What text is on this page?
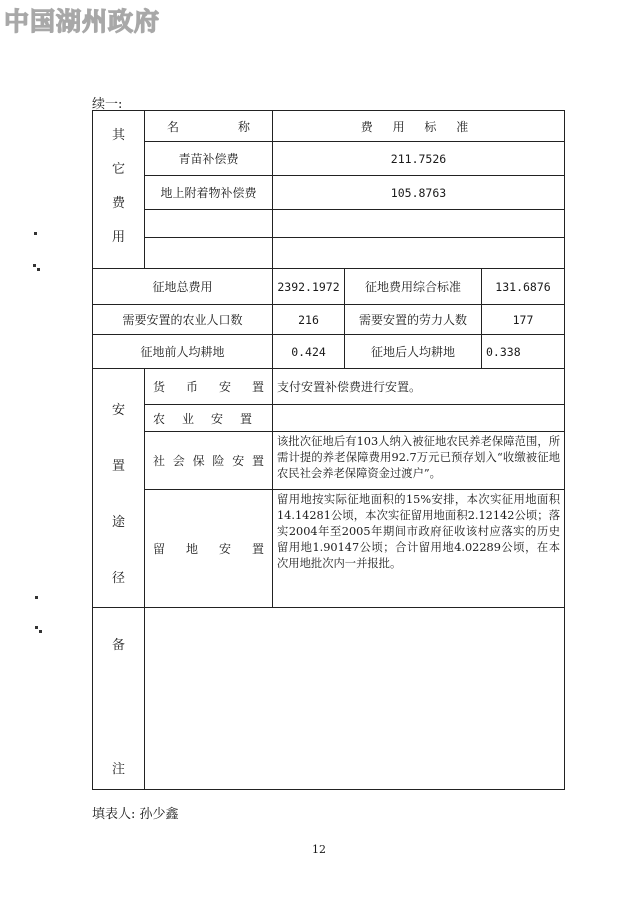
中国湖州政府
续一:
其
它
费
用	名 称	费 用 标 准		
	青苗补偿费	211.7526		
	地上附着物补偿费	105.8763		

征地总费用		2392.1972	征地费用综合标准	131.6876
需要安置的农业人口数		216	需要安置的劳力人数	177
征地前人均耕地		0.424	征地后人均耕地	0.338

安
置
途
径	货币安置	支付安置补偿费进行安置。		
	农业安置			
	社会保险安置	该批次征地后有103人纳入被征地农民养老保障范围，所需计提的养老保障费用92.7万元已预存划入“收缴被征地农民社会养老保障资金过渡户”。		
	留地安置	留用地按实际征地面积的15%安排，本次实征用地面积14.14281公顷，本次实征留用地面积2.12142公顷；落实2004年至2005年期间市政府征收该村应落实的历史留用地1.90147公顷；合计留用地4.02289公顷，在本次用地批次内一并报批。		

备
注				

填表人: 孙少鑫
12
